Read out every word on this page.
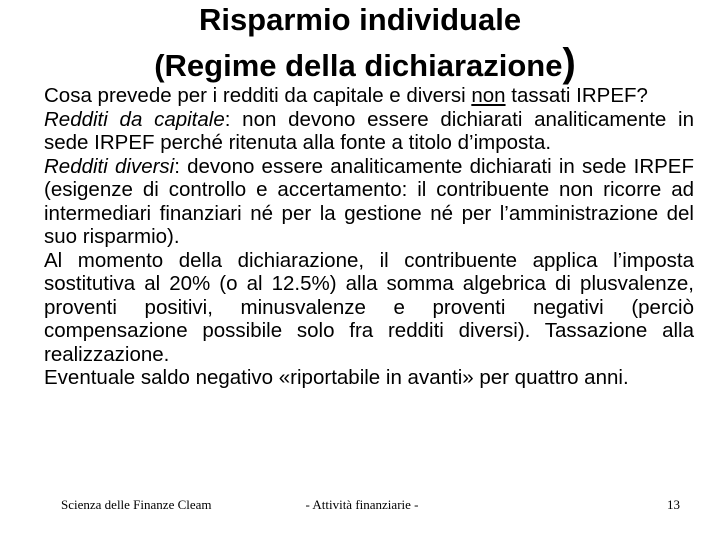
Risparmio individuale
(Regime della dichiarazione)

Cosa prevede per i redditi da capitale e diversi non tassati IRPEF?

Redditi da capitale: non devono essere dichiarati analiticamente in sede IRPEF perché ritenuta alla fonte a titolo d’imposta.

Redditi diversi: devono essere analiticamente dichiarati in sede IRPEF (esigenze di controllo e accertamento: il contribuente non ricorre ad intermediari finanziari né per la gestione né per l’amministrazione del suo risparmio).

Al momento della dichiarazione, il contribuente applica l’imposta sostitutiva al 20% (o al 12.5%) alla somma algebrica di plusvalenze, proventi positivi, minusvalenze e proventi negativi (perciò compensazione possibile solo fra redditi diversi). Tassazione alla realizzazione.

Eventuale saldo negativo «riportabile in avanti» per quattro anni.

Scienza delle Finanze Cleam	- Attività finanziarie -	13
